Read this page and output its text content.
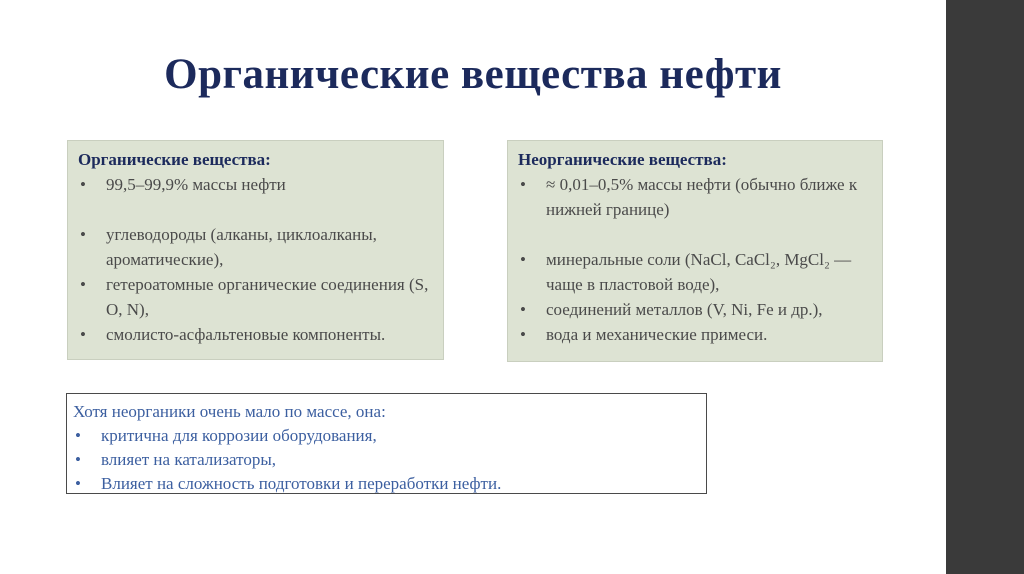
Органические вещества нефти
Органические вещества:
• 99,5–99,9% массы нефти
• углеводороды (алканы, циклоалканы, ароматические),
• гетероатомные органические соединения (S, O, N),
• смолисто-асфальтеновые компоненты.
Неорганические вещества:
• ≈ 0,01–0,5% массы нефти (обычно ближе к нижней границе)
• минеральные соли (NaCl, CaCl₂, MgCl₂ — чаще в пластовой воде),
• соединений металлов (V, Ni, Fe и др.),
• вода и механические примеси.
Хотя неорганики очень мало по массе, она:
• критична для коррозии оборудования,
• влияет на катализаторы,
• Влияет на сложность подготовки и переработки нефти.
